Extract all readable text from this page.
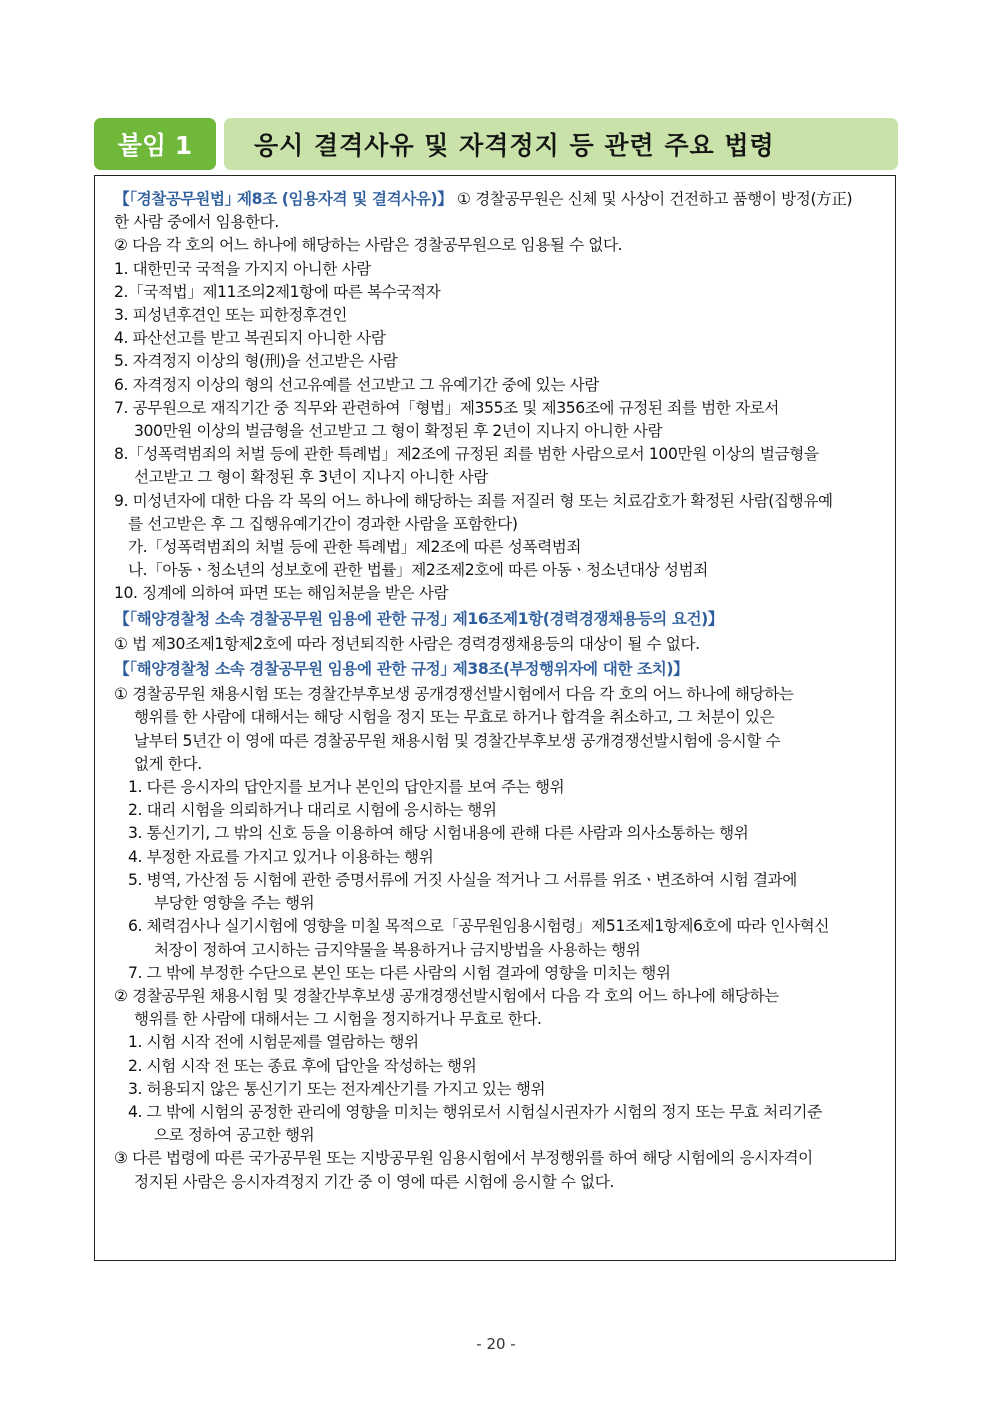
붙임 1	응시 결격사유 및 자격정지 등 관련 주요 법령

【｢경찰공무원법｣ 제8조 (임용자격 및 결격사유)】 ① 경찰공무원은 신체 및 사상이 건전하고 품행이 방정(方正)

한 사람 중에서 임용한다.

② 다음 각 호의 어느 하나에 해당하는 사람은 경찰공무원으로 임용될 수 없다.

1. 대한민국 국적을 가지지 아니한 사람

2.「국적법」제11조의2제1항에 따른 복수국적자

3. 피성년후견인 또는 피한정후견인

4. 파산선고를 받고 복권되지 아니한 사람

5. 자격정지 이상의 형(刑)을 선고받은 사람

6. 자격정지 이상의 형의 선고유예를 선고받고 그 유예기간 중에 있는 사람

7. 공무원으로 재직기간 중 직무와 관련하여「형법」제355조 및 제356조에 규정된 죄를 범한 자로서

300만원 이상의 벌금형을 선고받고 그 형이 확정된 후 2년이 지나지 아니한 사람

8.「성폭력범죄의 처벌 등에 관한 특례법」제2조에 규정된 죄를 범한 사람으로서 100만원 이상의 벌금형을

선고받고 그 형이 확정된 후 3년이 지나지 아니한 사람

9. 미성년자에 대한 다음 각 목의 어느 하나에 해당하는 죄를 저질러 형 또는 치료감호가 확정된 사람(집행유예

를 선고받은 후 그 집행유예기간이 경과한 사람을 포함한다)

가.「성폭력범죄의 처벌 등에 관한 특례법」제2조에 따른 성폭력범죄

나.「아동ㆍ청소년의 성보호에 관한 법률」제2조제2호에 따른 아동ㆍ청소년대상 성범죄

10. 징계에 의하여 파면 또는 해임처분을 받은 사람

【｢해양경찰청 소속 경찰공무원 임용에 관한 규정｣ 제16조제1항(경력경쟁채용등의 요건)】

① 법 제30조제1항제2호에 따라 정년퇴직한 사람은 경력경쟁채용등의 대상이 될 수 없다.

【｢해양경찰청 소속 경찰공무원 임용에 관한 규정｣ 제38조(부정행위자에 대한 조치)】

① 경찰공무원 채용시험 또는 경찰간부후보생 공개경쟁선발시험에서 다음 각 호의 어느 하나에 해당하는

행위를 한 사람에 대해서는 해당 시험을 정지 또는 무효로 하거나 합격을 취소하고, 그 처분이 있은

날부터 5년간 이 영에 따른 경찰공무원 채용시험 및 경찰간부후보생 공개경쟁선발시험에 응시할 수

없게 한다.

1. 다른 응시자의 답안지를 보거나 본인의 답안지를 보여 주는 행위

2. 대리 시험을 의뢰하거나 대리로 시험에 응시하는 행위

3. 통신기기, 그 밖의 신호 등을 이용하여 해당 시험내용에 관해 다른 사람과 의사소통하는 행위

4. 부정한 자료를 가지고 있거나 이용하는 행위

5. 병역, 가산점 등 시험에 관한 증명서류에 거짓 사실을 적거나 그 서류를 위조ㆍ변조하여 시험 결과에

부당한 영향을 주는 행위

6. 체력검사나 실기시험에 영향을 미칠 목적으로「공무원임용시험령」제51조제1항제6호에 따라 인사혁신

처장이 정하여 고시하는 금지약물을 복용하거나 금지방법을 사용하는 행위

7. 그 밖에 부정한 수단으로 본인 또는 다른 사람의 시험 결과에 영향을 미치는 행위

② 경찰공무원 채용시험 및 경찰간부후보생 공개경쟁선발시험에서 다음 각 호의 어느 하나에 해당하는

행위를 한 사람에 대해서는 그 시험을 정지하거나 무효로 한다.

1. 시험 시작 전에 시험문제를 열람하는 행위

2. 시험 시작 전 또는 종료 후에 답안을 작성하는 행위

3. 허용되지 않은 통신기기 또는 전자계산기를 가지고 있는 행위

4. 그 밖에 시험의 공정한 관리에 영향을 미치는 행위로서 시험실시권자가 시험의 정지 또는 무효 처리기준

으로 정하여 공고한 행위

③ 다른 법령에 따른 국가공무원 또는 지방공무원 임용시험에서 부정행위를 하여 해당 시험에의 응시자격이

정지된 사람은 응시자격정지 기간 중 이 영에 따른 시험에 응시할 수 없다.

- 20 -
